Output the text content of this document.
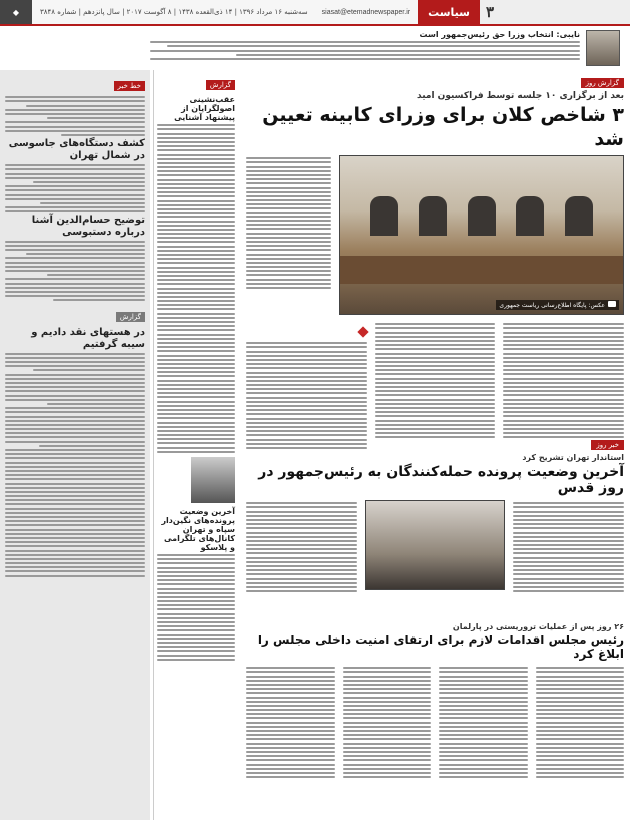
۳
سیاست
siasat@etemadnewspaper.ir
سه‌شنبه ۱۶ مرداد ۱۳۹۶ | ۱۴ ذی‌القعده ۱۴۳۸ | ۸ آگوست ۲۰۱۷ | سال پانزدهم | شماره ۳۸۴۸
◆
نایبی: انتخاب وزرا حق رئیس‌جمهور است
خط خبر
کشف دستگاه‌های جاسوسی در شمال تهران
توضیح حسام‌الدین آشنا درباره دستبوسی
گزارش
در هستهای نقد دادیم و سیبه گرفتیم
گزارش
عقب‌نشینی اصولگرایان از پیشنهاد آشنایی
آخرین وضعیت پرونده‌های نگین‌دار سپاه و تهران کانال‌های تلگرامی و پلاسکو
گزارش روز
بعد از برگزاری ۱۰ جلسه توسط فراکسیون امید
۳ شاخص کلان برای وزرای کابینه تعیین شد
عکس: پایگاه اطلاع‌رسانی ریاست جمهوری
خبر روز
استاندار تهران تشریح کرد
آخرین وضعیت پرونده حمله‌کنندگان به رئیس‌جمهور در روز قدس
۲۶ روز پس از عملیات تروریستی در پارلمان
رئیس مجلس اقدامات لازم برای ارتقای امنیت داخلی مجلس را ابلاغ کرد
